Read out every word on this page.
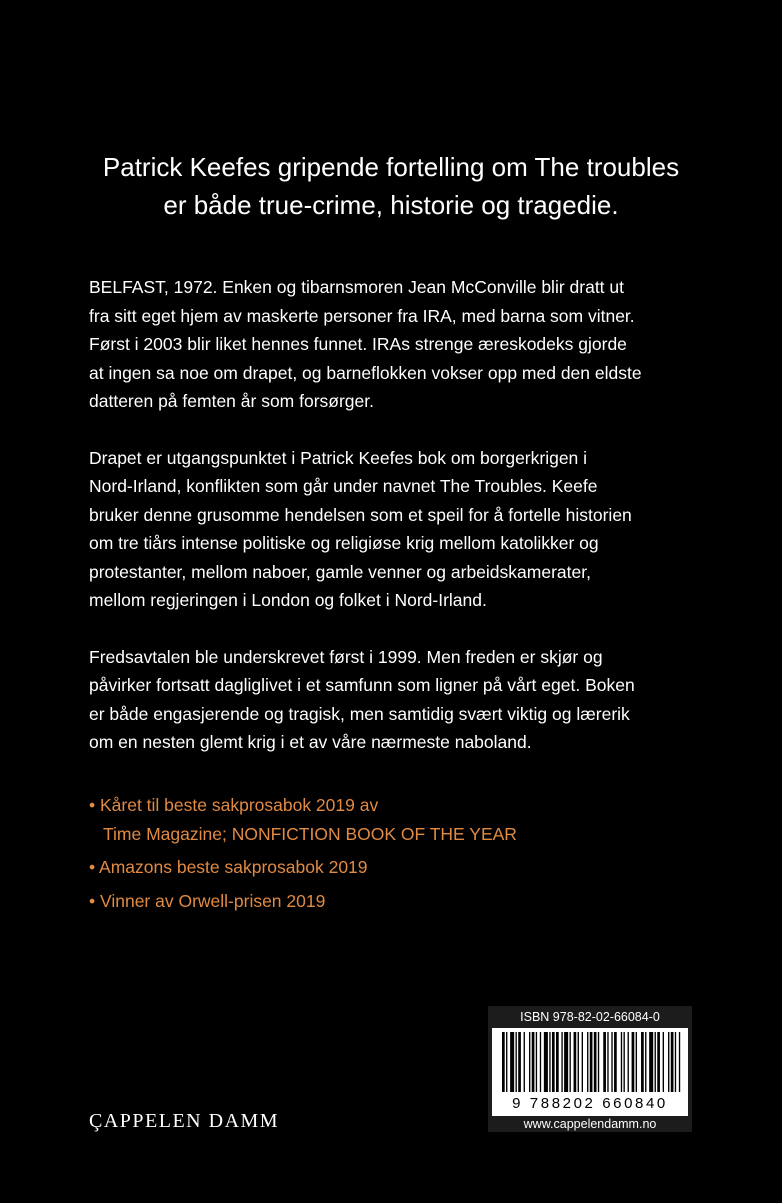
Patrick Keefes gripende fortelling om The troubles
er både true-crime, historie og tragedie.

BELFAST, 1972. Enken og tibarnsmoren Jean McConville blir dratt ut
fra sitt eget hjem av maskerte personer fra IRA, med barna som vitner.
Først i 2003 blir liket hennes funnet. IRAs strenge æreskodeks gjorde
at ingen sa noe om drapet, og barneflokken vokser opp med den eldste
datteren på femten år som forsørger.

Drapet er utgangspunktet i Patrick Keefes bok om borgerkrigen i
Nord-Irland, konflikten som går under navnet The Troubles. Keefe
bruker denne grusomme hendelsen som et speil for å fortelle historien
om tre tiårs intense politiske og religiøse krig mellom katolikker og
protestanter, mellom naboer, gamle venner og arbeidskamerater,
mellom regjeringen i London og folket i Nord-Irland.

Fredsavtalen ble underskrevet først i 1999. Men freden er skjør og
påvirker fortsatt dagliglivet i et samfunn som ligner på vårt eget. Boken
er både engasjerende og tragisk, men samtidig svært viktig og lærerik
om en nesten glemt krig i et av våre nærmeste naboland.

• Kåret til beste sakprosabok 2019 av
Time Magazine; NONFICTION BOOK OF THE YEAR
• Amazons beste sakprosabok 2019
• Vinner av Orwell-prisen 2019
ÇAPPELEN DAMM
ISBN 978-82-02-66084-0
9 788202 660840
www.cappelendamm.no
